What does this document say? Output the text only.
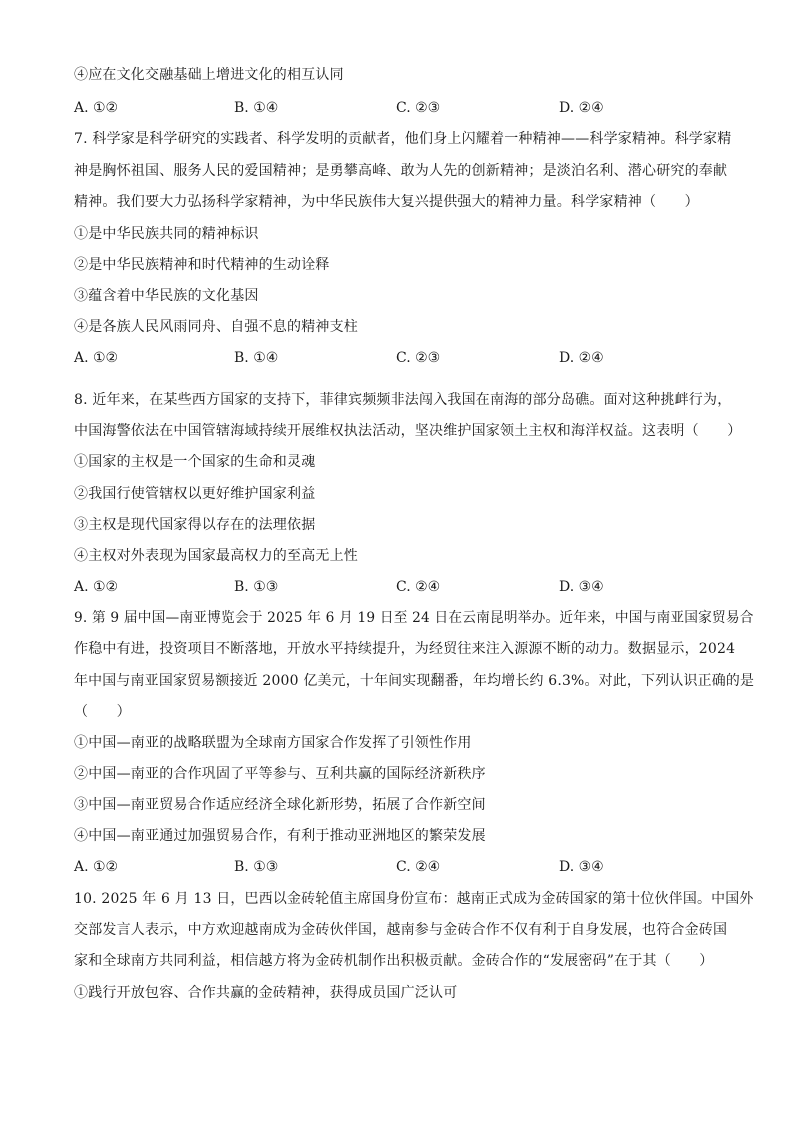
④应在文化交融基础上增进文化的相互认同
A. ①②	B. ①④	C. ②③	D. ②④
7. 科学家是科学研究的实践者、科学发明的贡献者，他们身上闪耀着一种精神——科学家精神。科学家精
神是胸怀祖国、服务人民的爱国精神；是勇攀高峰、敢为人先的创新精神；是淡泊名利、潜心研究的奉献
精神。我们要大力弘扬科学家精神，为中华民族伟大复兴提供强大的精神力量。科学家精神（　　）
①是中华民族共同的精神标识
②是中华民族精神和时代精神的生动诠释
③蕴含着中华民族的文化基因
④是各族人民风雨同舟、自强不息的精神支柱
A. ①②	B. ①④	C. ②③	D. ②④
8. 近年来，在某些西方国家的支持下，菲律宾频频非法闯入我国在南海的部分岛礁。面对这种挑衅行为，
中国海警依法在中国管辖海域持续开展维权执法活动，坚决维护国家领土主权和海洋权益。这表明（　　）
①国家的主权是一个国家的生命和灵魂
②我国行使管辖权以更好维护国家利益
③主权是现代国家得以存在的法理依据
④主权对外表现为国家最高权力的至高无上性
A. ①②	B. ①③	C. ②④	D. ③④
9. 第 9 届中国—南亚博览会于 2025 年 6 月 19 日至 24 日在云南昆明举办。近年来，中国与南亚国家贸易合
作稳中有进，投资项目不断落地，开放水平持续提升，为经贸往来注入源源不断的动力。数据显示，2024
年中国与南亚国家贸易额接近 2000 亿美元，十年间实现翻番，年均增长约 6.3%。对此，下列认识正确的是
（　　）
①中国—南亚的战略联盟为全球南方国家合作发挥了引领性作用
②中国—南亚的合作巩固了平等参与、互利共赢的国际经济新秩序
③中国—南亚贸易合作适应经济全球化新形势，拓展了合作新空间
④中国—南亚通过加强贸易合作，有利于推动亚洲地区的繁荣发展
A. ①②	B. ①③	C. ②④	D. ③④
10. 2025 年 6 月 13 日，巴西以金砖轮值主席国身份宣布：越南正式成为金砖国家的第十位伙伴国。中国外
交部发言人表示，中方欢迎越南成为金砖伙伴国，越南参与金砖合作不仅有利于自身发展，也符合金砖国
家和全球南方共同利益，相信越方将为金砖机制作出积极贡献。金砖合作的“发展密码”在于其（　　）
①践行开放包容、合作共赢的金砖精神，获得成员国广泛认可
